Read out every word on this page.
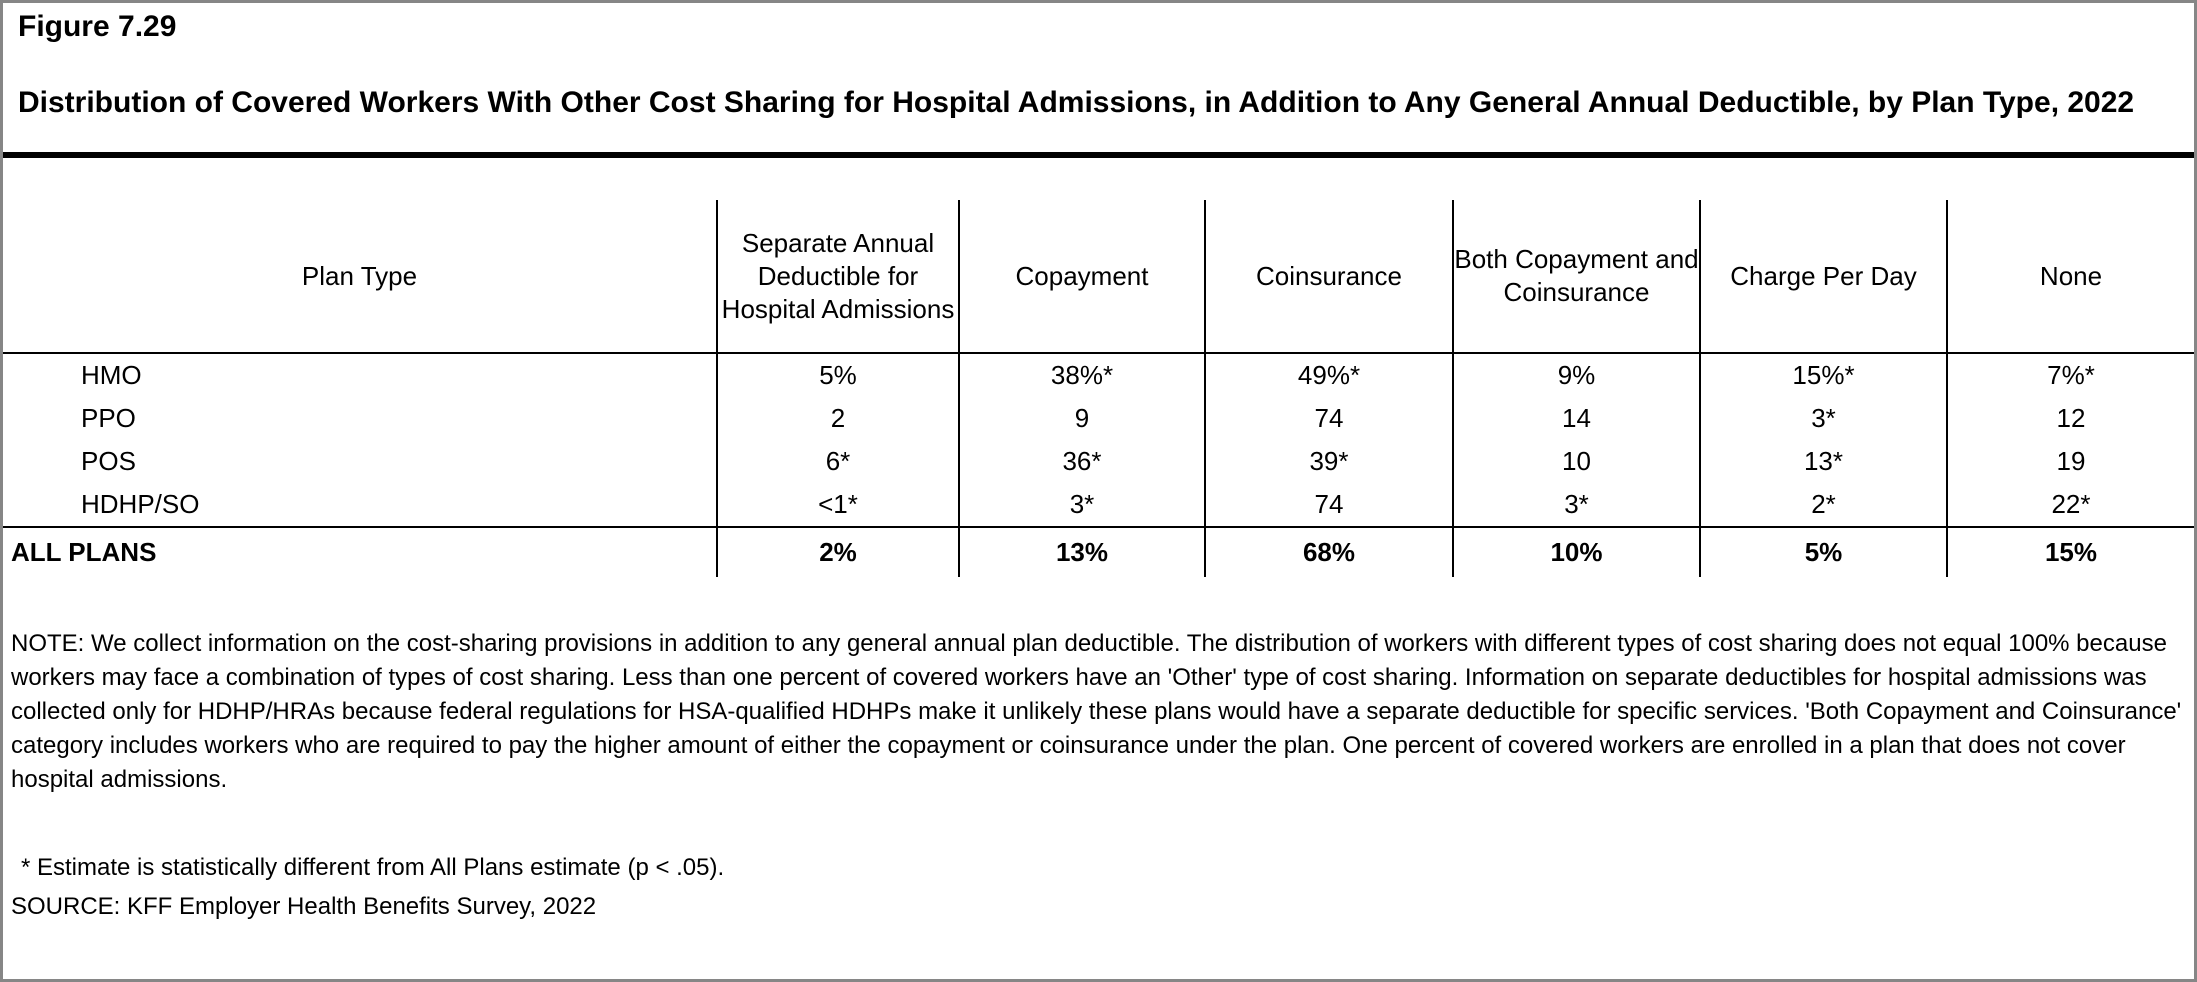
Figure 7.29
Distribution of Covered Workers With Other Cost Sharing for Hospital Admissions, in Addition to Any General Annual Deductible, by Plan Type, 2022
Plan Type	Separate Annual Deductible for Hospital Admissions	Copayment	Coinsurance	Both Copayment and Coinsurance	Charge Per Day	None
HMO	5%	38%*	49%*	9%	15%*	7%*
PPO	2	9	74	14	3*	12
POS	6*	36*	39*	10	13*	19
HDHP/SO	<1*	3*	74	3*	2*	22*
ALL PLANS	2%	13%	68%	10%	5%	15%
NOTE: We collect information on the cost-sharing provisions in addition to any general annual plan deductible. The distribution of workers with different types of cost sharing does not equal 100% because workers may face a combination of types of cost sharing. Less than one percent of covered workers have an 'Other' type of cost sharing. Information on separate deductibles for hospital admissions was collected only for HDHP/HRAs because federal regulations for HSA-qualified HDHPs make it unlikely these plans would have a separate deductible for specific services. 'Both Copayment and Coinsurance' category includes workers who are required to pay the higher amount of either the copayment or coinsurance under the plan. One percent of covered workers are enrolled in a plan that does not cover hospital admissions.
* Estimate is statistically different from All Plans estimate (p < .05).
SOURCE: KFF Employer Health Benefits Survey, 2022
